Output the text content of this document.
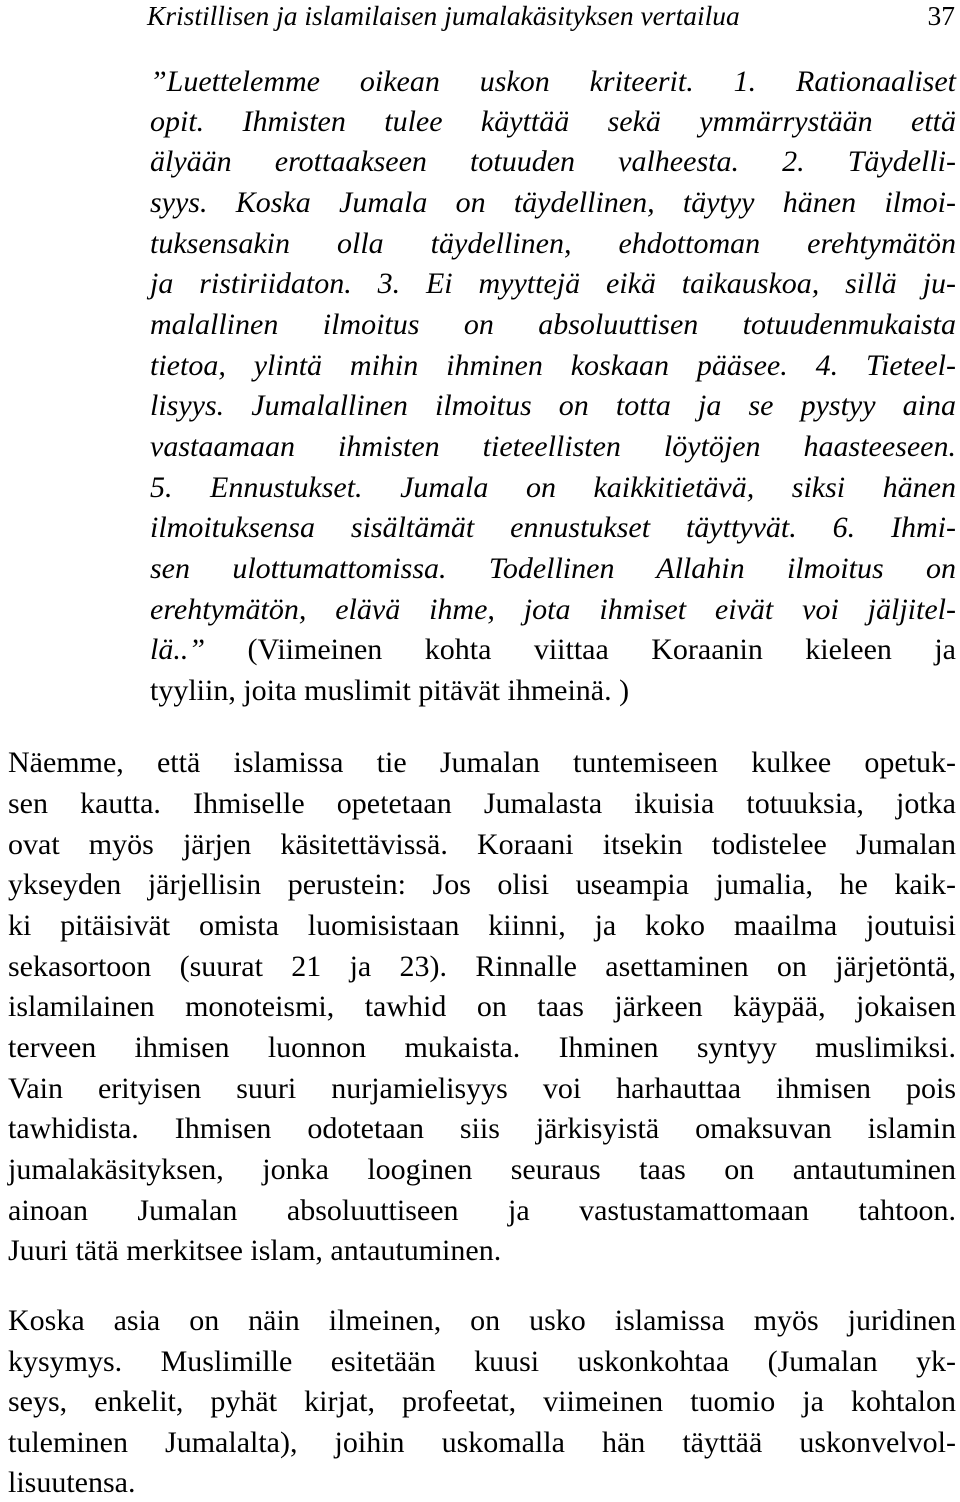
Kristillisen ja islamilaisen jumalakäsityksen vertailua	37
”Luettelemme oikean uskon kriteerit. 1. Rationaaliset
opit. Ihmisten tulee käyttää sekä ymmärrystään että
älyään erottaakseen totuuden valheesta. 2. Täydelli-
syys. Koska Jumala on täydellinen, täytyy hänen ilmoi-
tuksensakin olla täydellinen, ehdottoman erehtymätön
ja ristiriidaton. 3. Ei myyttejä eikä taikauskoa, sillä ju-
malallinen ilmoitus on absoluuttisen totuudenmukaista
tietoa, ylintä mihin ihminen koskaan pääsee. 4. Tieteel-
lisyys. Jumalallinen ilmoitus on totta ja se pystyy aina
vastaamaan ihmisten tieteellisten löytöjen haasteeseen.
5. Ennustukset. Jumala on kaikkitietävä, siksi hänen
ilmoituksensa sisältämät ennustukset täyttyvät. 6. Ihmi-
sen ulottumattomissa. Todellinen Allahin ilmoitus on
erehtymätön, elävä ihme, jota ihmiset eivät voi jäljitel-
lä..” (Viimeinen kohta viittaa Koraanin kieleen ja
tyyliin, joita muslimit pitävät ihmeinä. )
Näemme, että islamissa tie Jumalan tuntemiseen kulkee opetuk-
sen kautta. Ihmiselle opetetaan Jumalasta ikuisia totuuksia, jotka
ovat myös järjen käsitettävissä. Koraani itsekin todistelee Jumalan
ykseyden järjellisin perustein: Jos olisi useampia jumalia, he kaik-
ki pitäisivät omista luomisistaan kiinni, ja koko maailma joutuisi
sekasortoon (suurat 21 ja 23). Rinnalle asettaminen on järjetöntä,
islamilainen monoteismi, tawhid on taas järkeen käypää, jokaisen
terveen ihmisen luonnon mukaista. Ihminen syntyy muslimiksi.
Vain erityisen suuri nurjamielisyys voi harhauttaa ihmisen pois
tawhidista. Ihmisen odotetaan siis järkisyistä omaksuvan islamin
jumalakäsityksen, jonka looginen seuraus taas on antautuminen
ainoan Jumalan absoluuttiseen ja vastustamattomaan tahtoon.
Juuri tätä merkitsee islam, antautuminen.
Koska asia on näin ilmeinen, on usko islamissa myös juridinen
kysymys. Muslimille esitetään kuusi uskonkohtaa (Jumalan yk-
seys, enkelit, pyhät kirjat, profeetat, viimeinen tuomio ja kohtalon
tuleminen Jumalalta), joihin uskomalla hän täyttää uskonvelvol-
lisuutensa.
